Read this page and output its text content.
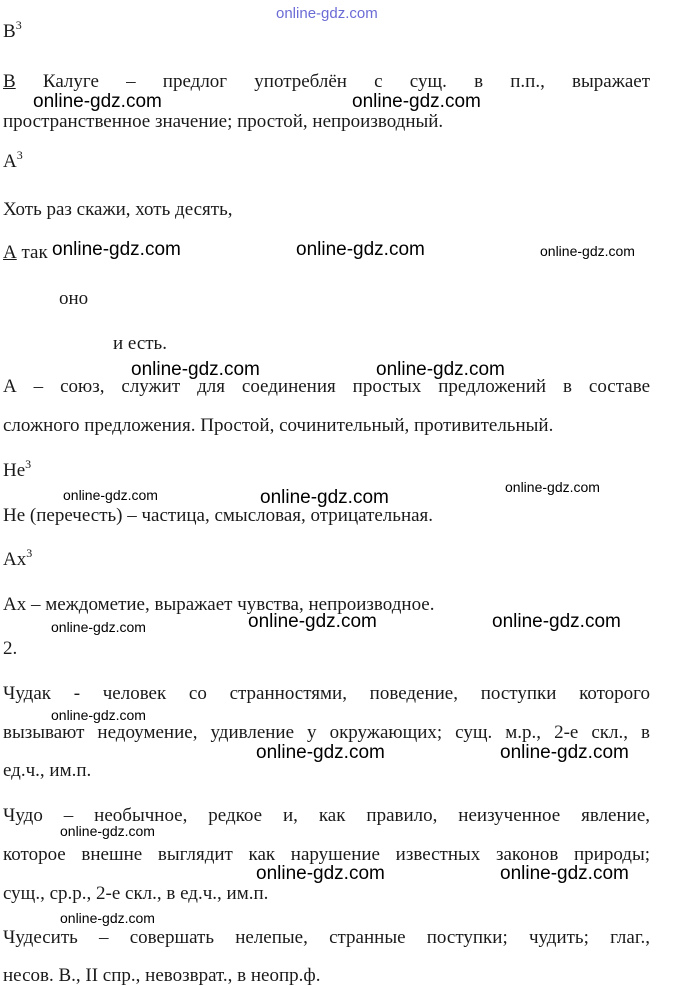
online-gdz.com
$В^3$
В Калуге – предлог употреблён с сущ. в п.п., выражает
пространственное значение; простой, непроизводный.
$А^3$
Хоть раз скажи, хоть десять,
А так
оно
и есть.
А – союз, служит для соединения простых предложений в составе
сложного предложения. Простой, сочинительный, противительный.
$Не^3$
Не (перечесть) – частица, смысловая, отрицательная.
$Ах^3$
Ах – междометие, выражает чувства, непроизводное.
2.
Чудак - человек со странностями, поведение, поступки которого
вызывают недоумение, удивление у окружающих; сущ. м.р., 2-е скл., в
ед.ч., им.п.
Чудо – необычное, редкое и, как правило, неизученное явление,
которое внешне выглядит как нарушение известных законов природы;
сущ., ср.р., 2-е скл., в ед.ч., им.п.
Чудесить – совершать нелепые, странные поступки; чудить; глаг.,
несов. В., II спр., невозврат., в неопр.ф.
online-gdz.com	online-gdz.com
online-gdz.com	online-gdz.com	online-gdz.com
online-gdz.com	online-gdz.com
online-gdz.com	online-gdz.com	online-gdz.com
online-gdz.com	online-gdz.com	online-gdz.com
online-gdz.com
online-gdz.com	online-gdz.com
online-gdz.com
online-gdz.com	online-gdz.com
online-gdz.com
